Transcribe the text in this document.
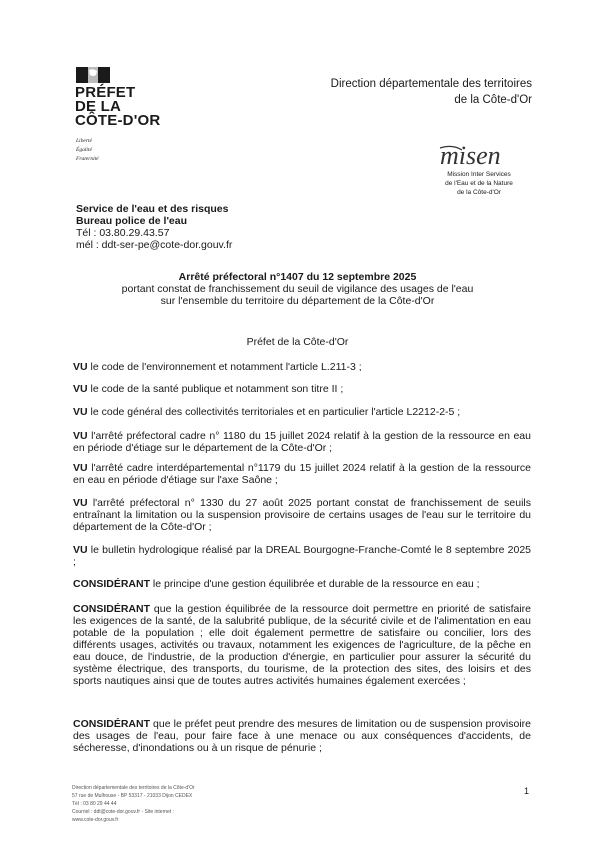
PRÉFET
DE LA
CÔTE-D'OR
Liberté
Égalité
Fraternité
Direction départementale des territoires
de la Côte-d'Or
misen
Mission Inter Services
de l'Eau et de la Nature
de la Côte-d'Or
Service de l'eau et des risques
Bureau police de l'eau
Tél : 03.80.29.43.57
mél : ddt-ser-pe@cote-dor.gouv.fr
Arrêté préfectoral n°1407 du 12 septembre 2025
portant constat de franchissement du seuil de vigilance des usages de l'eau
sur l'ensemble du territoire du département de la Côte-d'Or
Préfet de la Côte-d'Or
VU le code de l'environnement et notamment l'article L.211-3 ;
VU le code de la santé publique et notamment son titre II ;
VU le code général des collectivités territoriales et en particulier l'article L2212-2-5 ;
VU l'arrêté préfectoral cadre n° 1180 du 15 juillet 2024 relatif à la gestion de la ressource en eau en période d'étiage sur le département de la Côte-d'Or ;
VU l'arrêté cadre interdépartemental n°1179 du 15 juillet 2024 relatif à la gestion de la ressource en eau en période d'étiage sur l'axe Saône ;
VU l'arrêté préfectoral n° 1330 du 27 août 2025 portant constat de franchissement de seuils entraînant la limitation ou la suspension provisoire de certains usages de l'eau sur le territoire du département de la Côte-d'Or ;
VU le bulletin hydrologique réalisé par la DREAL Bourgogne-Franche-Comté le 8 septembre 2025 ;
CONSIDÉRANT le principe d'une gestion équilibrée et durable de la ressource en eau ;
CONSIDÉRANT que la gestion équilibrée de la ressource doit permettre en priorité de satisfaire les exigences de la santé, de la salubrité publique, de la sécurité civile et de l'alimentation en eau potable de la population ; elle doit également permettre de satisfaire ou concilier, lors des différents usages, activités ou travaux, notamment les exigences de l'agriculture, de la pêche en eau douce, de l'industrie, de la production d'énergie, en particulier pour assurer la sécurité du système électrique, des transports, du tourisme, de la protection des sites, des loisirs et des sports nautiques ainsi que de toutes autres activités humaines également exercées ;
CONSIDÉRANT que le préfet peut prendre des mesures de limitation ou de suspension provisoire des usages de l'eau, pour faire face à une menace ou aux conséquences d'accidents, de sécheresse, d'inondations ou à un risque de pénurie ;
Direction départementale des territoires de la Côte-d'Or
57 rue de Mulhouse - BP 53317 - 21033 Dijon CEDEX
Tél : 03 80 29 44 44
Courriel : ddt@cote-dor.gouv.fr - Site internet :
www.cote-dor.gouv.fr
1
